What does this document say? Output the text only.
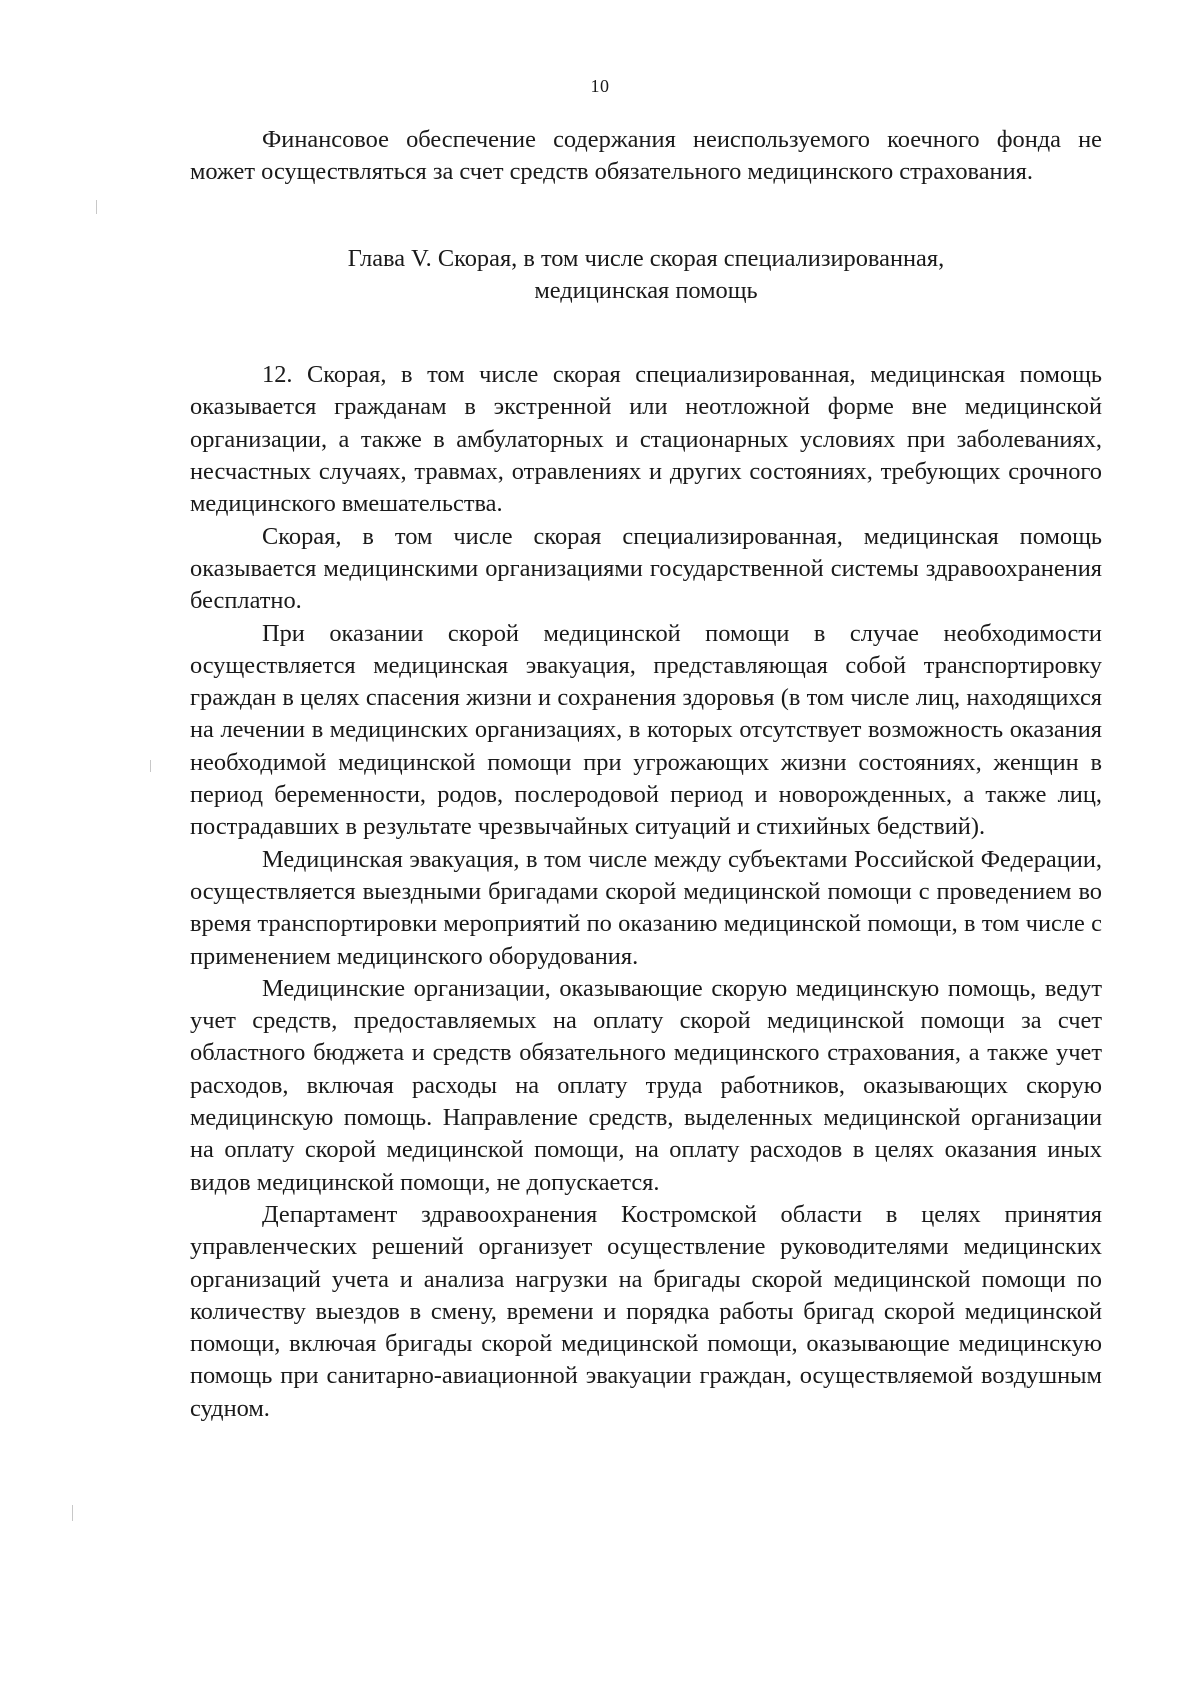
10

Финансовое обеспечение содержания неиспользуемого коечного фонда не может осуществляться за счет средств обязательного медицинского страхования.

Глава V. Скорая, в том числе скорая специализированная,
медицинская помощь

12. Скорая, в том числе скорая специализированная, медицинская помощь оказывается гражданам в экстренной или неотложной форме вне медицинской организации, а также в амбулаторных и стационарных условиях при заболеваниях, несчастных случаях, травмах, отравлениях и других состояниях, требующих срочного медицинского вмешательства.

Скорая, в том числе скорая специализированная, медицинская помощь оказывается медицинскими организациями государственной системы здравоохранения бесплатно.

При оказании скорой медицинской помощи в случае необходимости осуществляется медицинская эвакуация, представляющая собой транспортировку граждан в целях спасения жизни и сохранения здоровья (в том числе лиц, находящихся на лечении в медицинских организациях, в которых отсутствует возможность оказания необходимой медицинской помощи при угрожающих жизни состояниях, женщин в период беременности, родов, послеродовой период и новорожденных, а также лиц, пострадавших в результате чрезвычайных ситуаций и стихийных бедствий).

Медицинская эвакуация, в том числе между субъектами Российской Федерации, осуществляется выездными бригадами скорой медицинской помощи с проведением во время транспортировки мероприятий по оказанию медицинской помощи, в том числе с применением медицинского оборудования.

Медицинские организации, оказывающие скорую медицинскую помощь, ведут учет средств, предоставляемых на оплату скорой медицинской помощи за счет областного бюджета и средств обязательного медицинского страхования, а также учет расходов, включая расходы на оплату труда работников, оказывающих скорую медицинскую помощь. Направление средств, выделенных медицинской организации на оплату скорой медицинской помощи, на оплату расходов в целях оказания иных видов медицинской помощи, не допускается.

Департамент здравоохранения Костромской области в целях принятия управленческих решений организует осуществление руководителями медицинских организаций учета и анализа нагрузки на бригады скорой медицинской помощи по количеству выездов в смену, времени и порядка работы бригад скорой медицинской помощи, включая бригады скорой медицинской помощи, оказывающие медицинскую помощь при санитарно-авиационной эвакуации граждан, осуществляемой воздушным судном.
